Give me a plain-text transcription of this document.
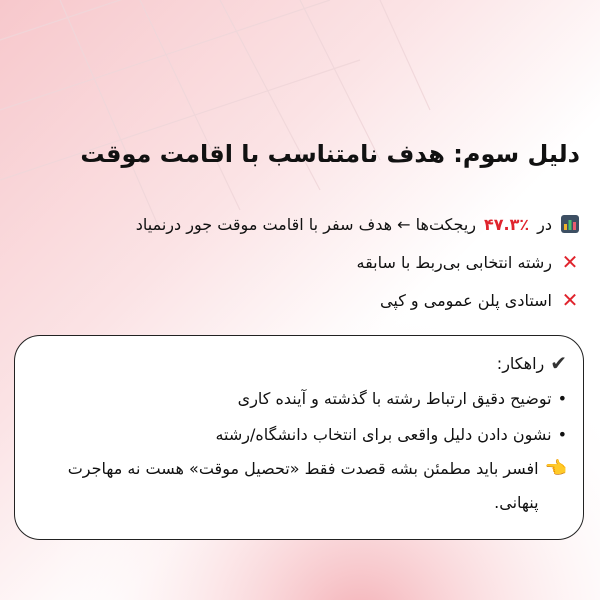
دلیل سوم: هدف نامتناسب با اقامت موقت
در
۴۷.۳٪
ریجکت‌ها ← هدف سفر با اقامت موقت جور درنمیاد
✕
رشته انتخابی بی‌ربط با سابقه
✕
استادی پلن عمومی و کپی
✔
راهکار:
•
توضیح دقیق ارتباط رشته با گذشته و آینده کاری
•
نشون دادن دلیل واقعی برای انتخاب دانشگاه/رشته
👈
افسر باید مطمئن بشه قصدت فقط «تحصیل موقت» هست نه مهاجرت پنهانی.
